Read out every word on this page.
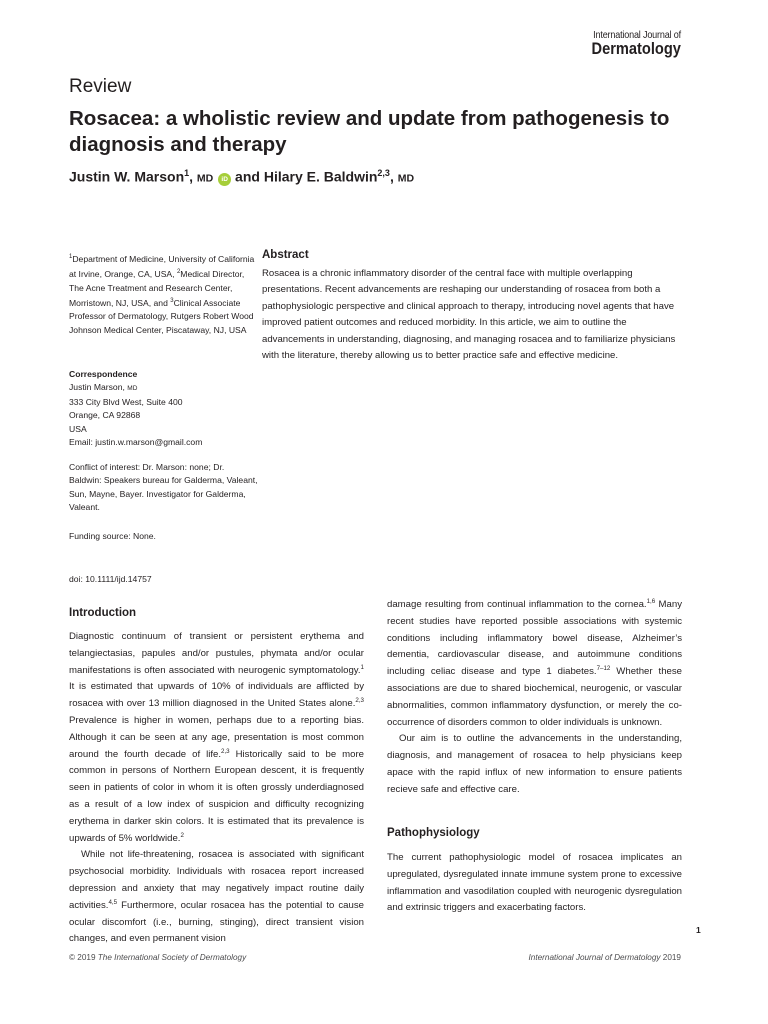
International Journal of
Dermatology
Review
Rosacea: a wholistic review and update from pathogenesis to diagnosis and therapy
Justin W. Marson$^1$, MD iD and Hilary E. Baldwin$^{2,3}$, MD
$^1$Department of Medicine, University of California at Irvine, Orange, CA, USA, $^2$Medical Director, The Acne Treatment and Research Center, Morristown, NJ, USA, and $^3$Clinical Associate Professor of Dermatology, Rutgers Robert Wood Johnson Medical Center, Piscataway, NJ, USA
Correspondence
Justin Marson, MD
333 City Blvd West, Suite 400
Orange, CA 92868
USA
Email: justin.w.marson@gmail.com
Conflict of interest: Dr. Marson: none; Dr. Baldwin: Speakers bureau for Galderma, Valeant, Sun, Mayne, Bayer. Investigator for Galderma, Valeant.
Funding source: None.
doi: 10.1111/ijd.14757
Abstract
Rosacea is a chronic inflammatory disorder of the central face with multiple overlapping presentations. Recent advancements are reshaping our understanding of rosacea from both a pathophysiologic perspective and clinical approach to therapy, introducing novel agents that have improved patient outcomes and reduced morbidity. In this article, we aim to outline the advancements in understanding, diagnosing, and managing rosacea and to familiarize physicians with the literature, thereby allowing us to better practice safe and effective medicine.
Introduction

Diagnostic continuum of transient or persistent erythema and telangiectasias, papules and/or pustules, phymata and/or ocular manifestations is often associated with neurogenic symptomatology.$^1$ It is estimated that upwards of 10% of individuals are afflicted by rosacea with over 13 million diagnosed in the United States alone.$^{2,3}$ Prevalence is higher in women, perhaps due to a reporting bias. Although it can be seen at any age, presentation is most common around the fourth decade of life.$^{2,3}$ Historically said to be more common in persons of Northern European descent, it is frequently seen in patients of color in whom it is often grossly underdiagnosed as a result of a low index of suspicion and difficulty recognizing erythema in darker skin colors. It is estimated that its prevalence is upwards of 5% worldwide.$^2$

While not life-threatening, rosacea is associated with significant psychosocial morbidity. Individuals with rosacea report increased depression and anxiety that may negatively impact routine daily activities.$^{4,5}$ Furthermore, ocular rosacea has the potential to cause ocular discomfort (i.e., burning, stinging), direct transient vision changes, and even permanent vision

damage resulting from continual inflammation to the cornea.$^{1,6}$ Many recent studies have reported possible associations with systemic conditions including inflammatory bowel disease, Alzheimer’s dementia, cardiovascular disease, and autoimmune conditions including celiac disease and type 1 diabetes.$^{7-12}$ Whether these associations are due to shared biochemical, neurogenic, or vascular abnormalities, common inflammatory dysfunction, or merely the co-occurrence of disorders common to older individuals is unknown.

Our aim is to outline the advancements in the understanding, diagnosis, and management of rosacea to help physicians keep apace with the rapid influx of new information to ensure patients recieve safe and effective care.

Pathophysiology
The current pathophysiologic model of rosacea implicates an upregulated, dysregulated innate immune system prone to excessive inflammation and vasodilation coupled with neurogenic dysregulation and extrinsic triggers and exacerbating factors.
1
© 2019 The International Society of Dermatology	International Journal of Dermatology 2019
